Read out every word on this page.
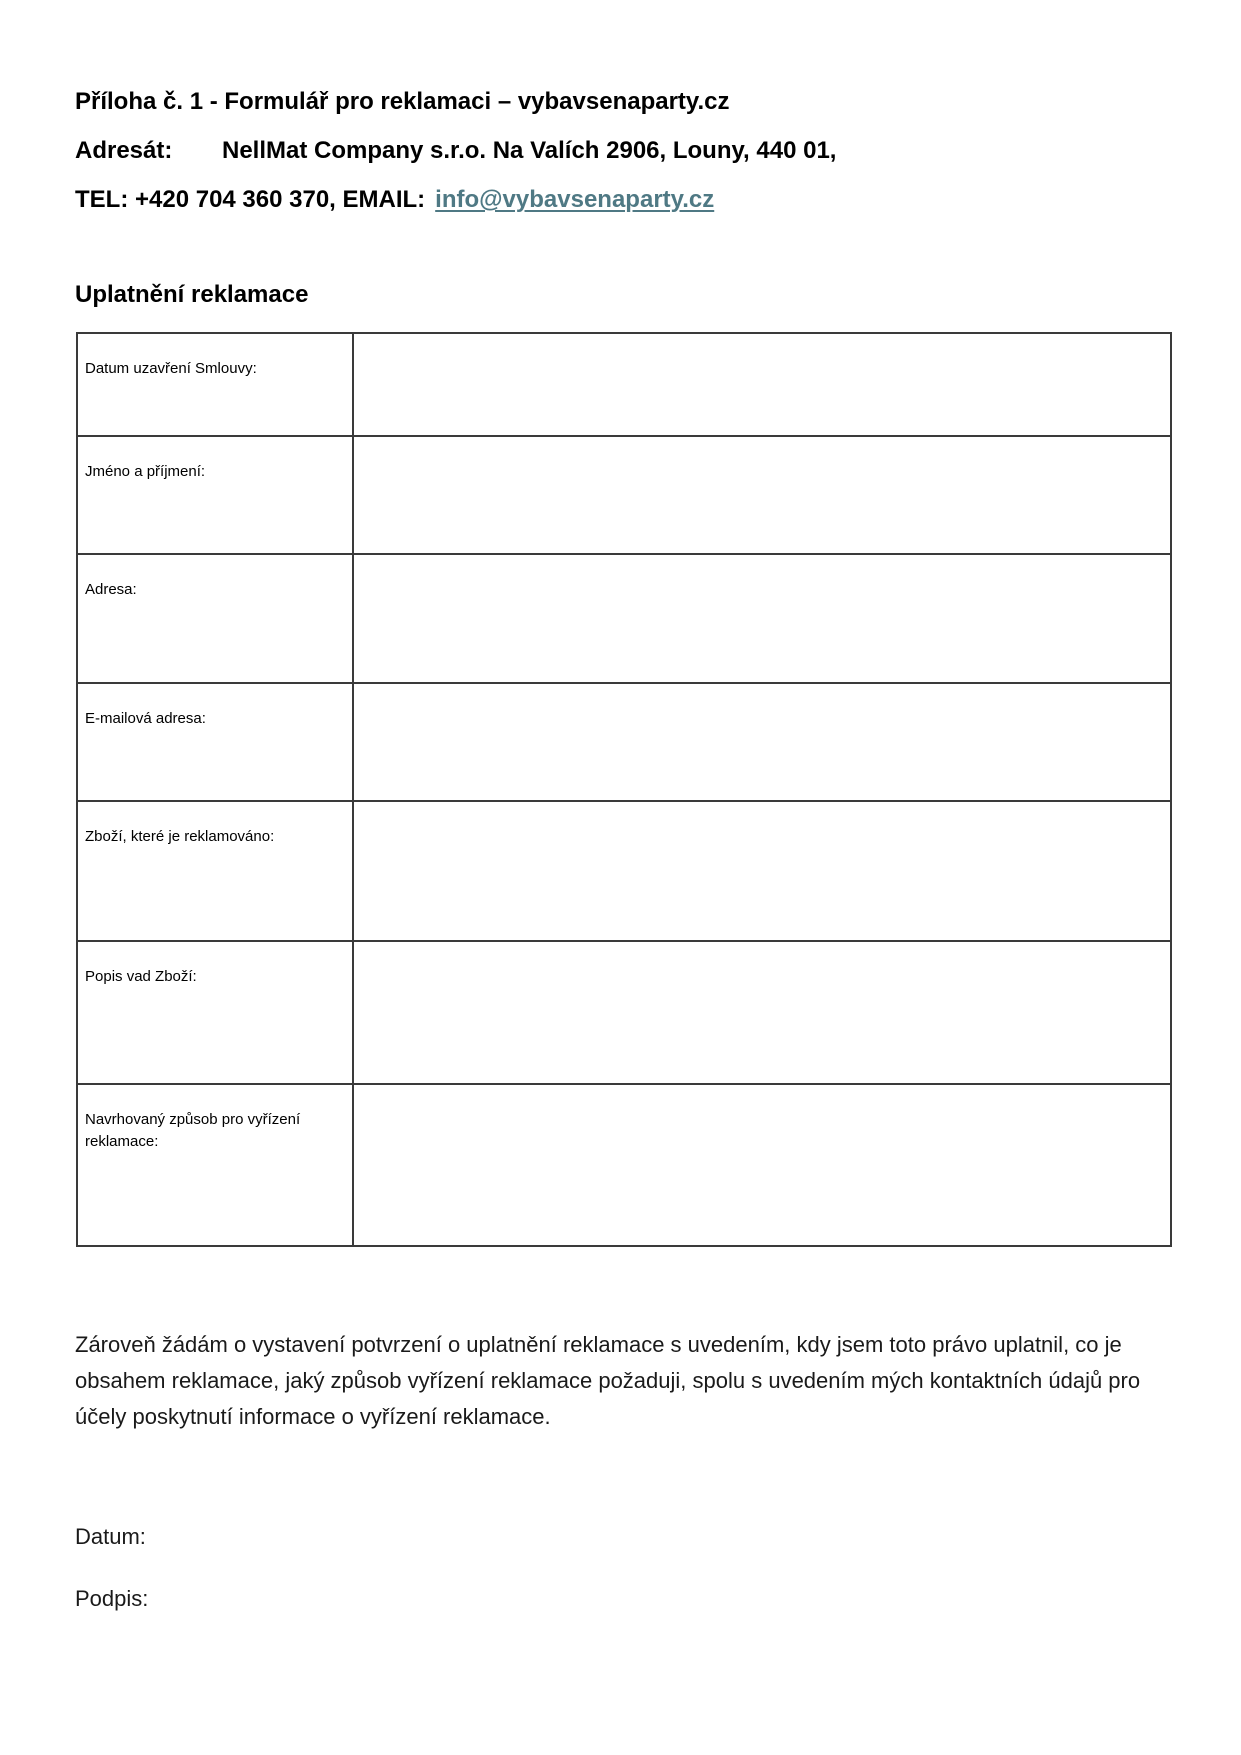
Příloha č. 1 - Formulář pro reklamaci – vybavsenaparty.cz
Adresát: NellMat Company s.r.o. Na Valích 2906, Louny, 440 01,
TEL: +420 704 360 370, EMAIL: info@vybavsenaparty.cz
Uplatnění reklamace
Datum uzavření Smlouvy:	
Jméno a příjmení:	
Adresa:	
E-mailová adresa:	
Zboží, které je reklamováno:	
Popis vad Zboží:	
Navrhovaný způsob pro vyřízení reklamace:	
Zároveň žádám o vystavení potvrzení o uplatnění reklamace s uvedením, kdy jsem toto právo uplatnil, co je obsahem reklamace, jaký způsob vyřízení reklamace požaduji, spolu s uvedením mých kontaktních údajů pro účely poskytnutí informace o vyřízení reklamace.
Datum:
Podpis:
